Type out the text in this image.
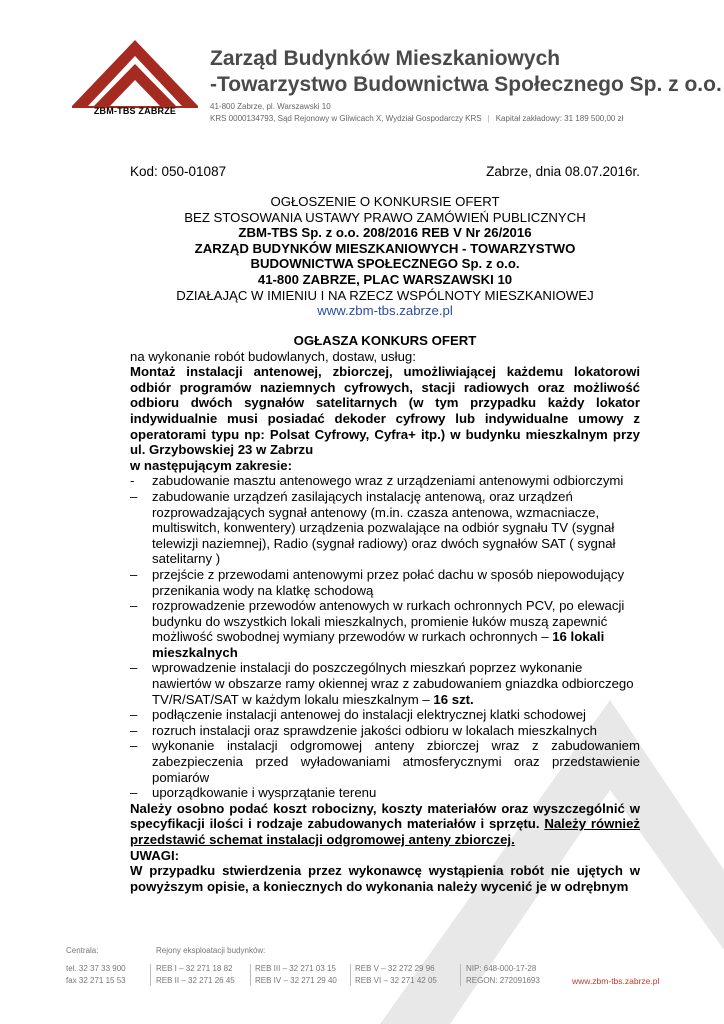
ZBM-TBS ZABRZE
Zarząd Budynków Mieszkaniowych
-Towarzystwo Budownictwa Społecznego Sp. z o.o.
41-800 Zabrze, pl. Warszawski 10
KRS 0000134793, Sąd Rejonowy w Gliwicach X, Wydział Gospodarczy KRS | Kapitał zakładowy: 31 189 500,00 zł
Kod: 050-01087	Zabrze, dnia 08.07.2016r.

OGŁOSZENIE O KONKURSIE OFERT

BEZ STOSOWANIA USTAWY PRAWO ZAMÓWIEŃ PUBLICZNYCH

ZBM-TBS Sp. z o.o. 208/2016 REB V Nr 26/2016

ZARZĄD BUDYNKÓW MIESZKANIOWYCH - TOWARZYSTWO

BUDOWNICTWA SPOŁECZNEGO Sp. z o.o.

41-800 ZABRZE, PLAC WARSZAWSKI 10

DZIAŁAJĄC W IMIENIU I NA RZECZ WSPÓLNOTY MIESZKANIOWEJ

www.zbm-tbs.zabrze.pl

OGŁASZA KONKURS OFERT

na wykonanie robót budowlanych, dostaw, usług:

Montaż instalacji antenowej, zbiorczej, umożliwiającej każdemu lokatorowi odbiór programów naziemnych cyfrowych, stacji radiowych oraz możliwość odbioru dwóch sygnałów satelitarnych (w tym przypadku każdy lokator indywidualnie musi posiadać dekoder cyfrowy lub indywidualne umowy z operatorami typu np: Polsat Cyfrowy, Cyfra+ itp.) w budynku mieszkalnym przy ul. Grzybowskiej 23 w Zabrzu

w następującym zakresie:

- zabudowanie masztu antenowego wraz z urządzeniami antenowymi odbiorczymi
– zabudowanie urządzeń zasilających instalację antenową, oraz urządzeń rozprowadzających sygnał antenowy (m.in. czasza antenowa, wzmacniacze, multiswitch, konwentery) urządzenia pozwalające na odbiór sygnału TV (sygnał telewizji naziemnej), Radio (sygnał radiowy) oraz dwóch sygnałów SAT ( sygnał satelitarny )
– przejście z przewodami antenowymi przez połać dachu w sposób niepowodujący przenikania wody na klatkę schodową
– rozprowadzenie przewodów antenowych w rurkach ochronnych PCV, po elewacji budynku do wszystkich lokali mieszkalnych, promienie łuków muszą zapewnić możliwość swobodnej wymiany przewodów w rurkach ochronnych – 16 lokali mieszkalnych
– wprowadzenie instalacji do poszczególnych mieszkań poprzez wykonanie nawiertów w obszarze ramy okiennej wraz z zabudowaniem gniazdka odbiorczego TV/R/SAT/SAT w każdym lokalu mieszkalnym – 16 szt.
– podłączenie instalacji antenowej do instalacji elektrycznej klatki schodowej
– rozruch instalacji oraz sprawdzenie jakości odbioru w lokalach mieszkalnych
– wykonanie instalacji odgromowej anteny zbiorczej wraz z zabudowaniem zabezpieczenia przed wyładowaniami atmosferycznymi oraz przedstawienie pomiarów
– uporządkowanie i wysprzątanie terenu

Należy osobno podać koszt robocizny, koszty materiałów oraz wyszczególnić w specyfikacji ilości i rodzaje zabudowanych materiałów i sprzętu. Należy również przedstawić schemat instalacji odgromowej anteny zbiorczej.

UWAGI:

W przypadku stwierdzenia przez wykonawcę wystąpienia robót nie ujętych w powyższym opisie, a koniecznych do wykonania należy wycenić je w odrębnym

Centrala:
tel. 32 37 33 900
fax 32 271 15 53
Rejony eksploatacji budynków:
REB I – 32 271 18 82
REB II – 32 271 26 45
REB III – 32 271 03 15
REB IV – 32 271 29 40
REB V – 32 272 29 96
REB VI – 32 271 42 05
NIP: 648-000-17-28
REGON: 272091693	www.zbm-tbs.zabrze.pl
